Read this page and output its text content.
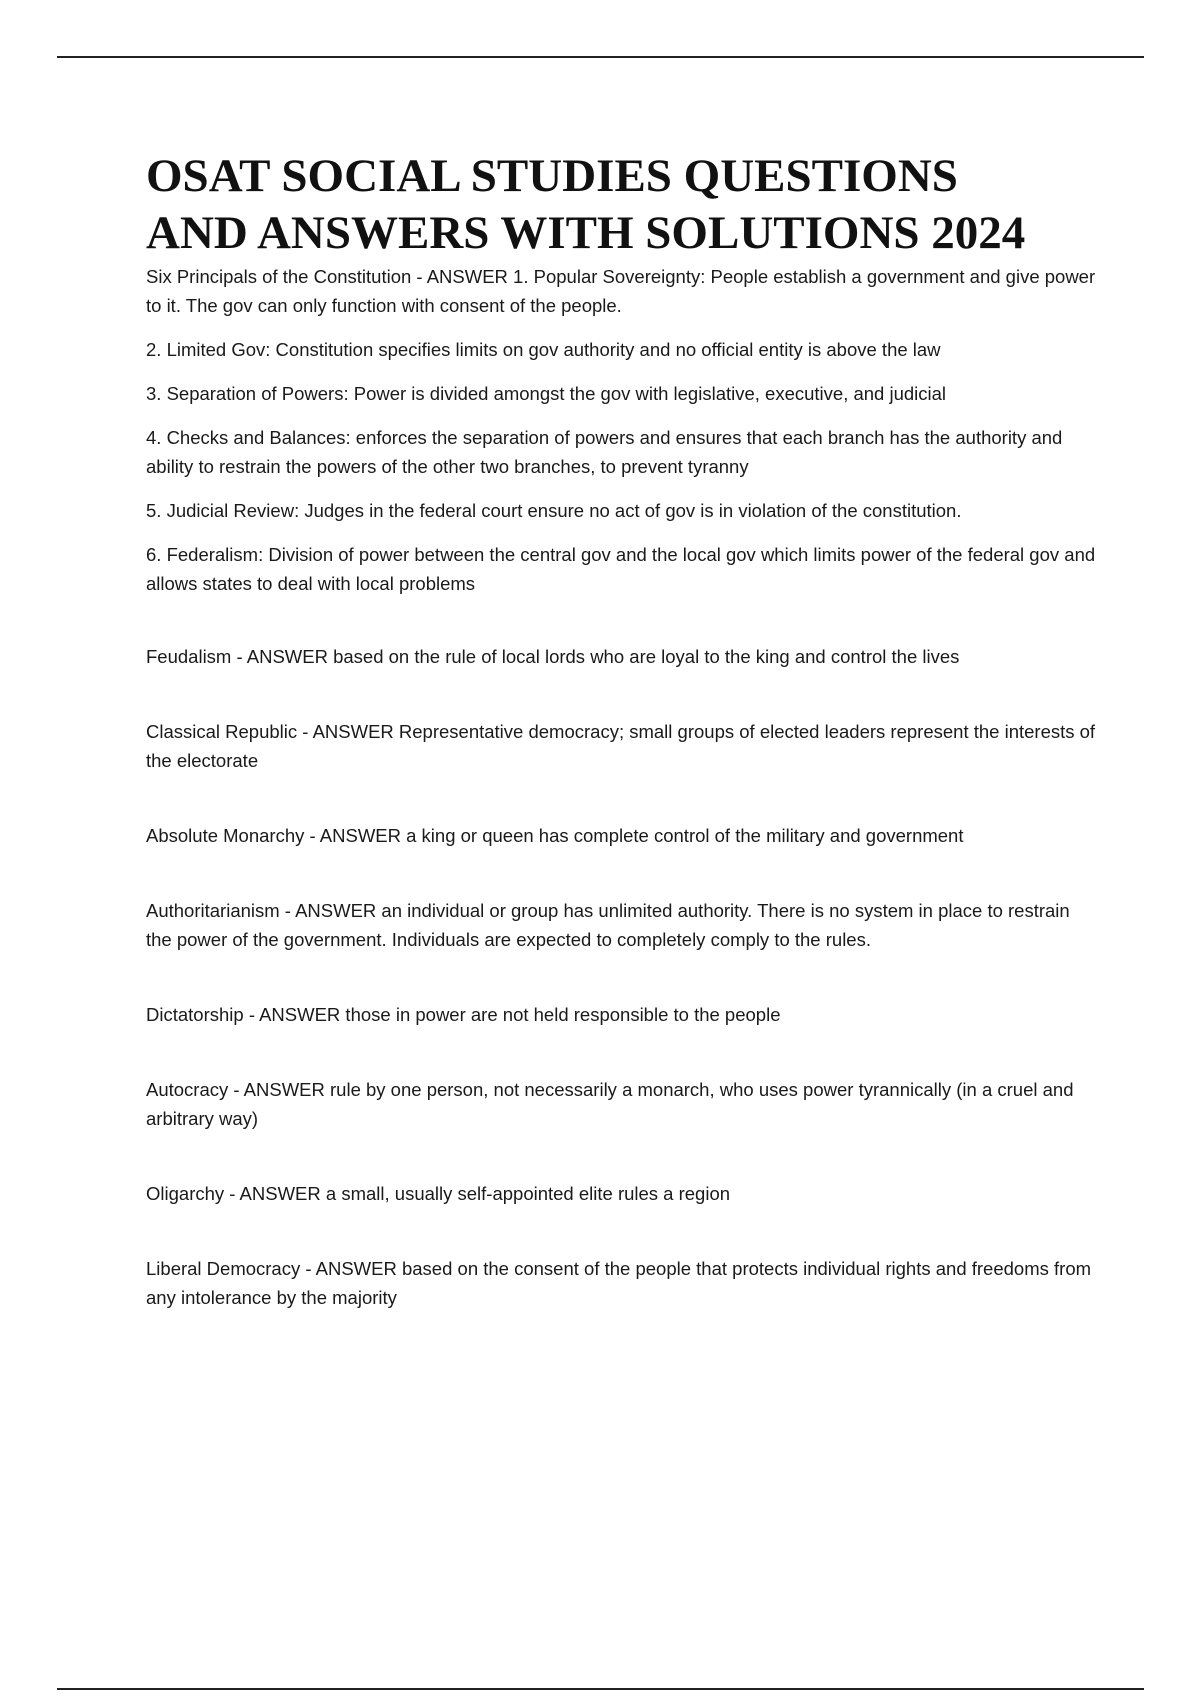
OSAT SOCIAL STUDIES QUESTIONS
AND ANSWERS WITH SOLUTIONS 2024

Six Principals of the Constitution - ANSWER 1. Popular Sovereignty: People establish a government and give power to it. The gov can only function with consent of the people.

2. Limited Gov: Constitution specifies limits on gov authority and no official entity is above the law

3. Separation of Powers: Power is divided amongst the gov with legislative, executive, and judicial

4. Checks and Balances: enforces the separation of powers and ensures that each branch has the authority and ability to restrain the powers of the other two branches, to prevent tyranny

5. Judicial Review: Judges in the federal court ensure no act of gov is in violation of the constitution.

6. Federalism: Division of power between the central gov and the local gov which limits power of the federal gov and allows states to deal with local problems

Feudalism - ANSWER based on the rule of local lords who are loyal to the king and control the lives

Classical Republic - ANSWER Representative democracy; small groups of elected leaders represent the interests of the electorate

Absolute Monarchy - ANSWER a king or queen has complete control of the military and government

Authoritarianism - ANSWER an individual or group has unlimited authority. There is no system in place to restrain the power of the government. Individuals are expected to completely comply to the rules.

Dictatorship - ANSWER those in power are not held responsible to the people

Autocracy - ANSWER rule by one person, not necessarily a monarch, who uses power tyrannically (in a cruel and arbitrary way)

Oligarchy - ANSWER a small, usually self-appointed elite rules a region

Liberal Democracy - ANSWER based on the consent of the people that protects individual rights and freedoms from any intolerance by the majority
